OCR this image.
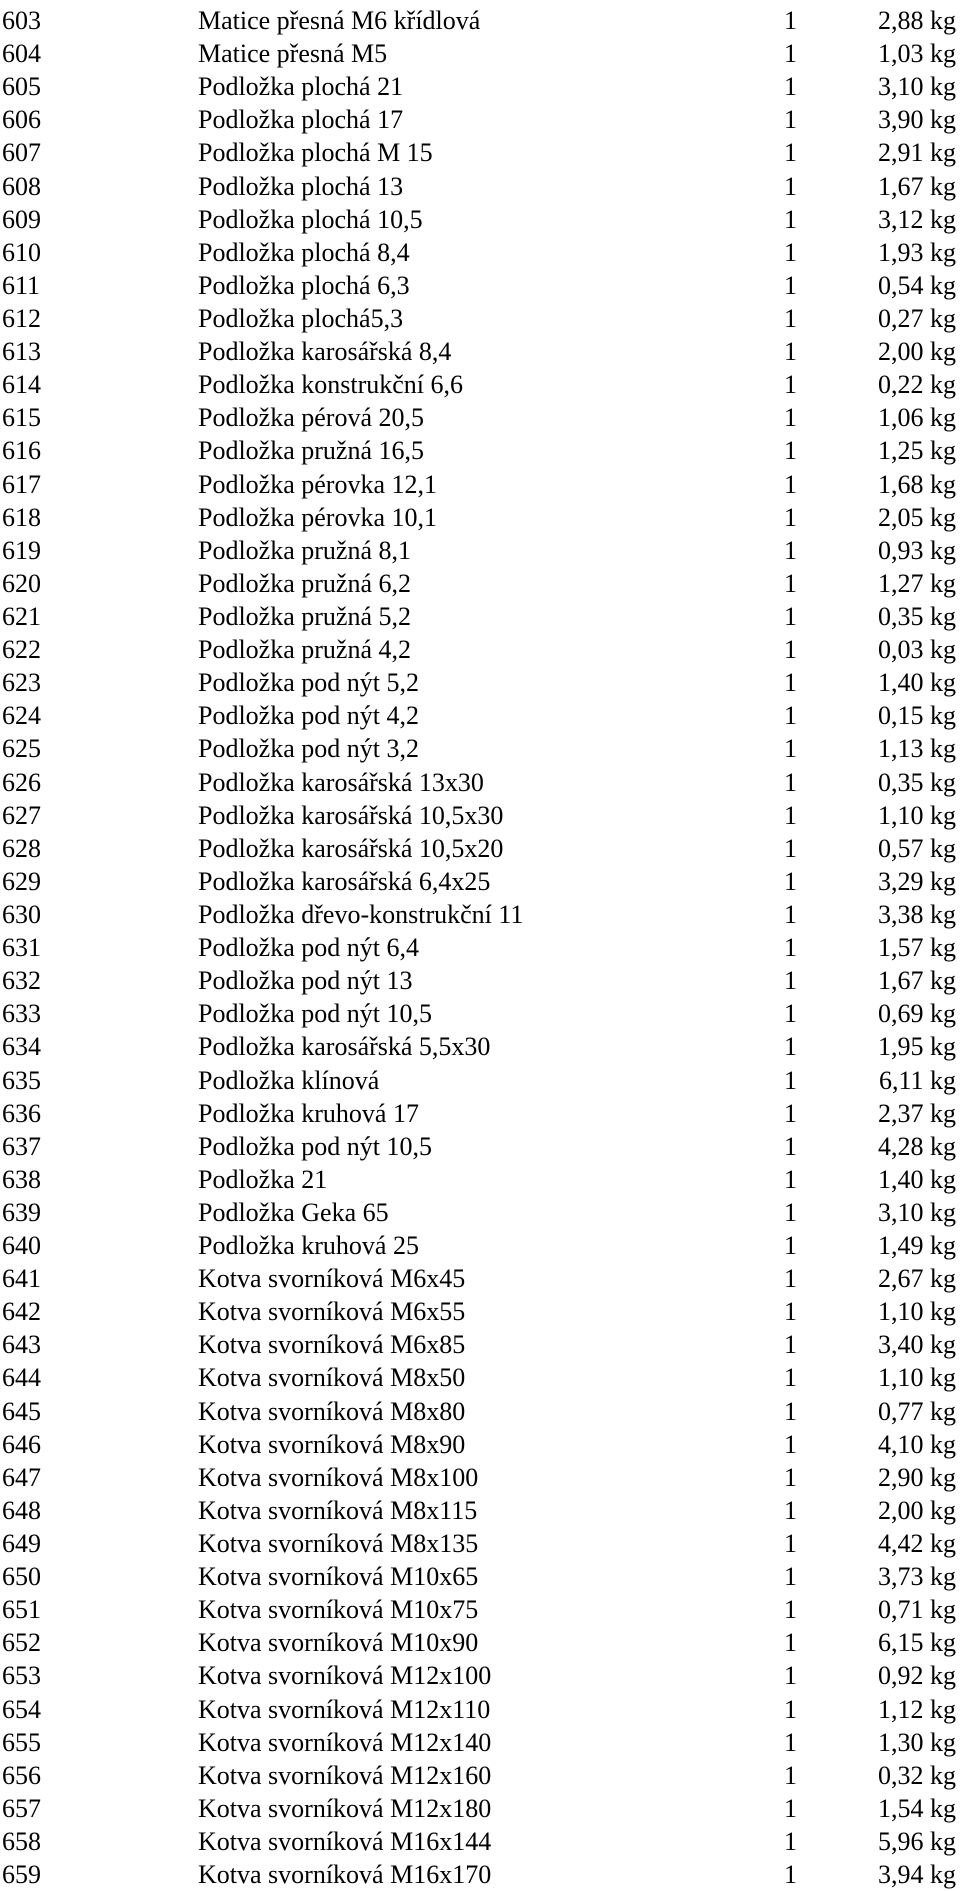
603	Matice přesná M6 křídlová	1	2,88 kg
604	Matice přesná M5	1	1,03 kg
605	Podložka plochá 21	1	3,10 kg
606	Podložka plochá 17	1	3,90 kg
607	Podložka plochá M 15	1	2,91 kg
608	Podložka plochá 13	1	1,67 kg
609	Podložka plochá 10,5	1	3,12 kg
610	Podložka plochá 8,4	1	1,93 kg
611	Podložka plochá 6,3	1	0,54 kg
612	Podložka plochá5,3	1	0,27 kg
613	Podložka karosářská 8,4	1	2,00 kg
614	Podložka konstrukční 6,6	1	0,22 kg
615	Podložka pérová 20,5	1	1,06 kg
616	Podložka pružná 16,5	1	1,25 kg
617	Podložka pérovka 12,1	1	1,68 kg
618	Podložka pérovka 10,1	1	2,05 kg
619	Podložka pružná 8,1	1	0,93 kg
620	Podložka pružná 6,2	1	1,27 kg
621	Podložka pružná 5,2	1	0,35 kg
622	Podložka pružná 4,2	1	0,03 kg
623	Podložka pod nýt 5,2	1	1,40 kg
624	Podložka pod nýt 4,2	1	0,15 kg
625	Podložka pod nýt 3,2	1	1,13 kg
626	Podložka karosářská 13x30	1	0,35 kg
627	Podložka karosářská 10,5x30	1	1,10 kg
628	Podložka karosářská 10,5x20	1	0,57 kg
629	Podložka karosářská 6,4x25	1	3,29 kg
630	Podložka dřevo-konstrukční 11	1	3,38 kg
631	Podložka pod nýt 6,4	1	1,57 kg
632	Podložka pod nýt 13	1	1,67 kg
633	Podložka pod nýt 10,5	1	0,69 kg
634	Podložka karosářská 5,5x30	1	1,95 kg
635	Podložka klínová	1	6,11 kg
636	Podložka kruhová 17	1	2,37 kg
637	Podložka pod nýt 10,5	1	4,28 kg
638	Podložka 21	1	1,40 kg
639	Podložka Geka 65	1	3,10 kg
640	Podložka kruhová 25	1	1,49 kg
641	Kotva svorníková M6x45	1	2,67 kg
642	Kotva svorníková M6x55	1	1,10 kg
643	Kotva svorníková M6x85	1	3,40 kg
644	Kotva svorníková M8x50	1	1,10 kg
645	Kotva svorníková M8x80	1	0,77 kg
646	Kotva svorníková M8x90	1	4,10 kg
647	Kotva svorníková M8x100	1	2,90 kg
648	Kotva svorníková M8x115	1	2,00 kg
649	Kotva svorníková M8x135	1	4,42 kg
650	Kotva svorníková M10x65	1	3,73 kg
651	Kotva svorníková M10x75	1	0,71 kg
652	Kotva svorníková M10x90	1	6,15 kg
653	Kotva svorníková M12x100	1	0,92 kg
654	Kotva svorníková M12x110	1	1,12 kg
655	Kotva svorníková M12x140	1	1,30 kg
656	Kotva svorníková M12x160	1	0,32 kg
657	Kotva svorníková M12x180	1	1,54 kg
658	Kotva svorníková M16x144	1	5,96 kg
659	Kotva svorníková M16x170	1	3,94 kg
